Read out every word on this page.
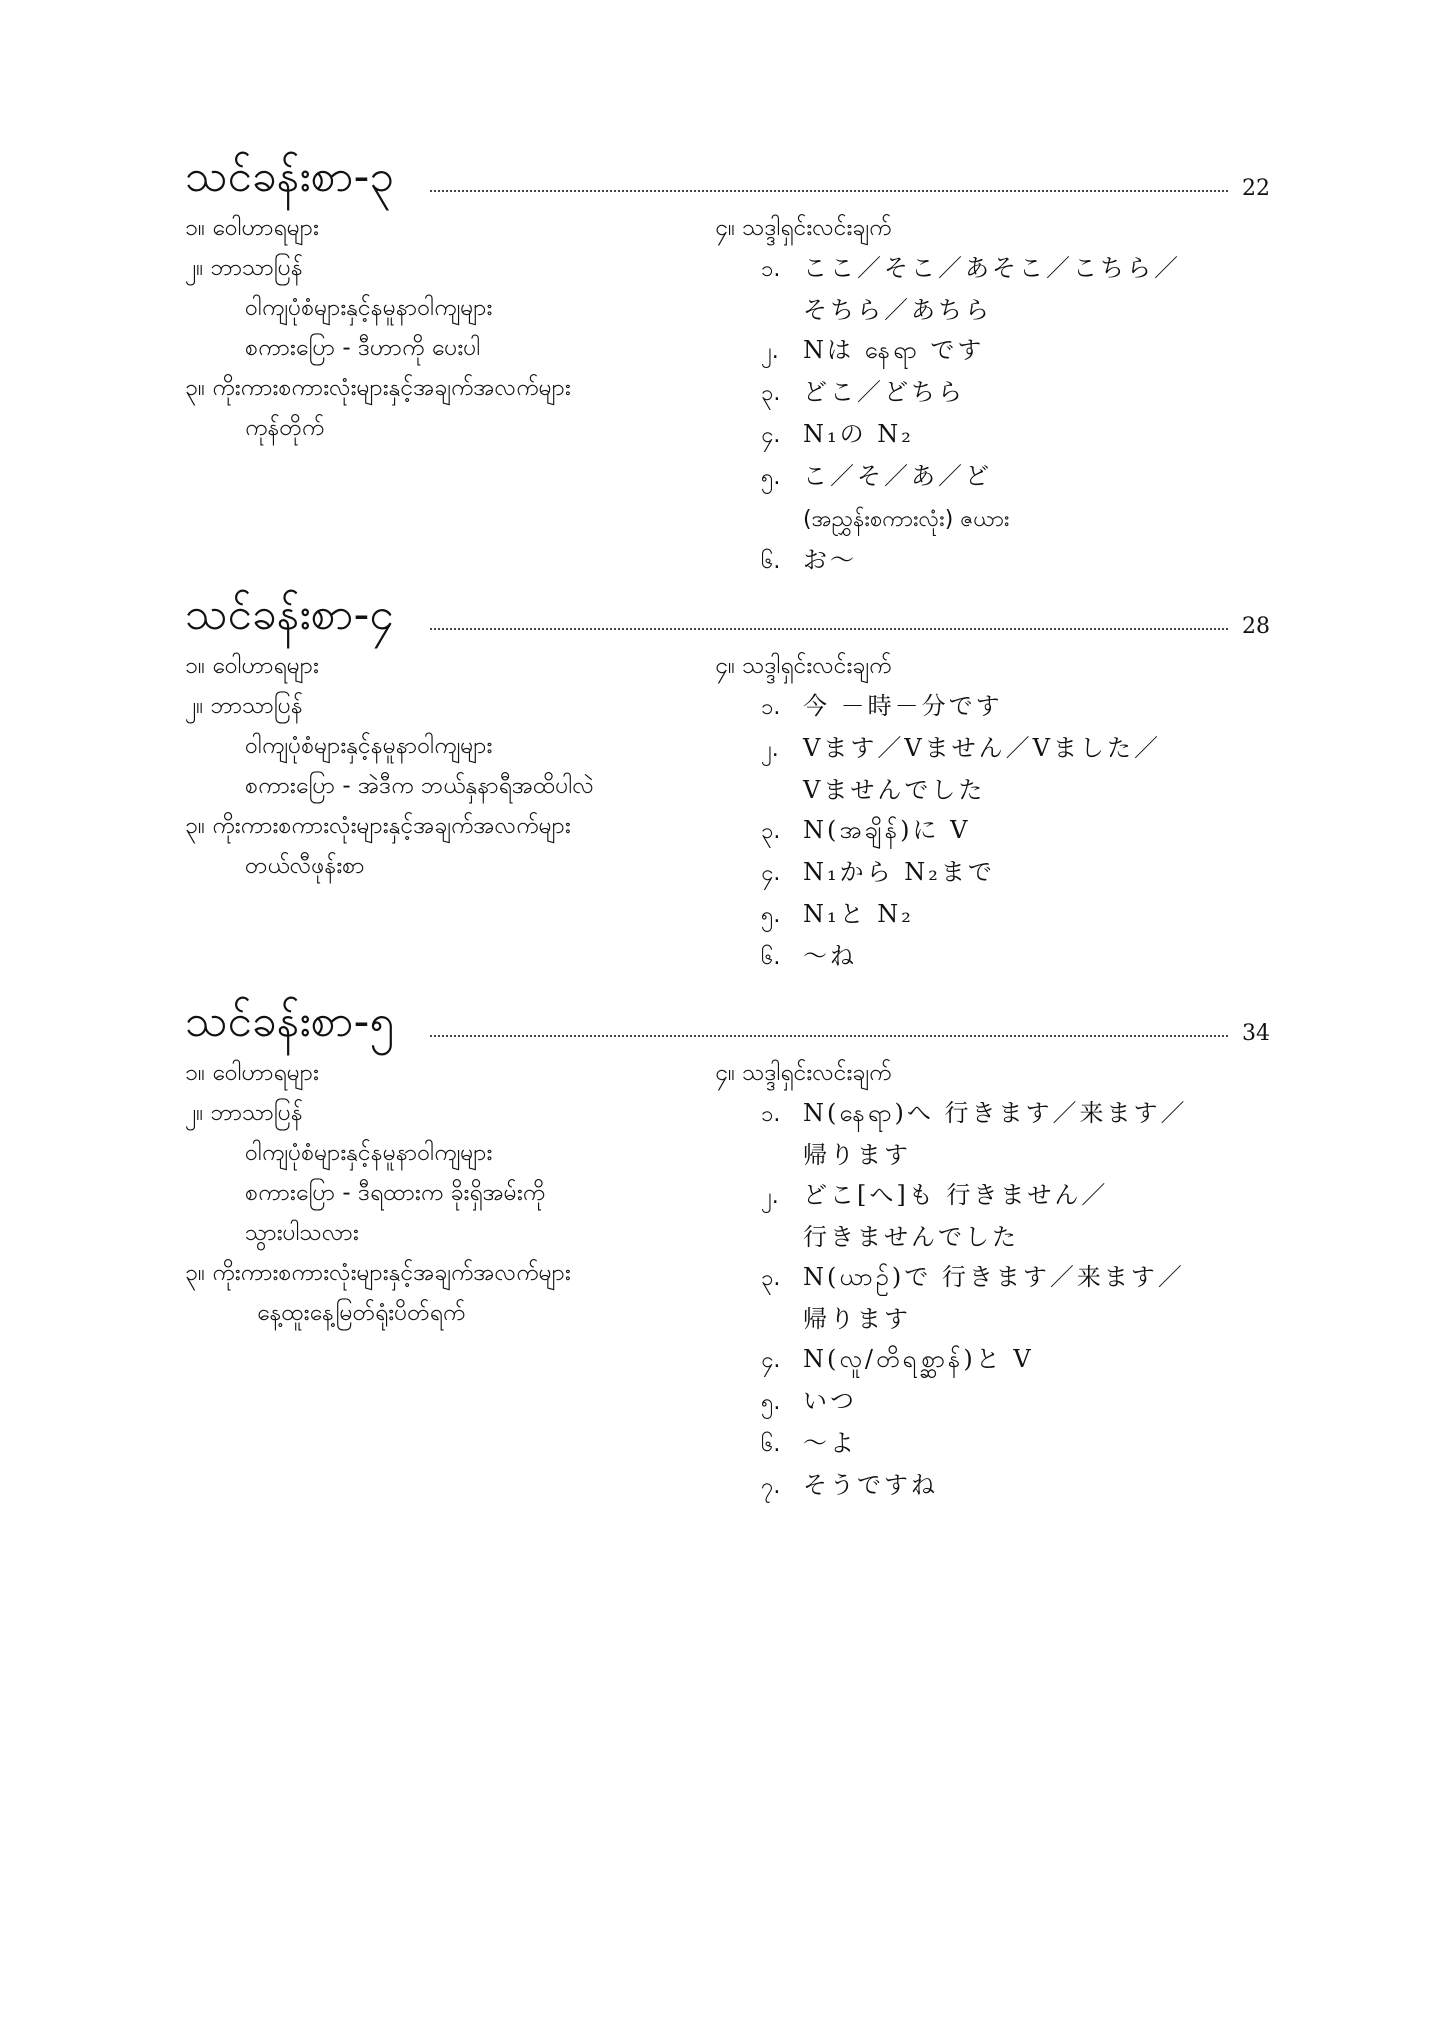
သင်ခန်းစာ-၃	22
၁။ ဝေါဟာရများ
၂။ ဘာသာပြန်
ဝါကျပုံစံများနှင့်နမူနာဝါကျများ
စကားပြော - ဒီဟာကို ပေးပါ
၃။ ကိုးကားစကားလုံးများနှင့်အချက်အလက်များ
ကုန်တိုက်
၄။ သဒ္ဒါရှင်းလင်းချက်
၁. ここ／そこ／あそこ／こちら／
そちら／あちら
၂. Nは နေရာ です
၃. どこ／どちら
၄. N₁の N₂
၅. こ／そ／あ／ど
(အညွှန်းစကားလုံး) ဇယား
၆. お～
သင်ခန်းစာ-၄	28
၁။ ဝေါဟာရများ
၂။ ဘာသာပြန်
ဝါကျပုံစံများနှင့်နမူနာဝါကျများ
စကားပြော - အဲဒီက ဘယ်နှနာရီအထိပါလဲ
၃။ ကိုးကားစကားလုံးများနှင့်အချက်အလက်များ
တယ်လီဖုန်းစာ
၄။ သဒ္ဒါရှင်းလင်းချက်
၁. 今 －時－分です
၂. Vます／Vません／Vました／
Vませんでした
၃. N(အချိန်)に V
၄. N₁から N₂まで
၅. N₁と N₂
၆. ～ね
သင်ခန်းစာ-၅	34
၁။ ဝေါဟာရများ
၂။ ဘာသာပြန်
ဝါကျပုံစံများနှင့်နမူနာဝါကျများ
စကားပြော - ဒီရထားက ခိုးရှိအမ်းကို
သွားပါသလား
၃။ ကိုးကားစကားလုံးများနှင့်အချက်အလက်များ
နေ့ထူးနေ့မြတ်ရုံးပိတ်ရက်
၄။ သဒ္ဒါရှင်းလင်းချက်
၁. N(နေရာ)へ 行きます／来ます／
帰ります
၂. どこ[へ]も 行きません／
行きませんでした
၃. N(ယာဉ်)で 行きます／来ます／
帰ります
၄. N(လူ/တိရစ္ဆာန်)と V
၅. いつ
၆. ～よ
၇. そうですね
